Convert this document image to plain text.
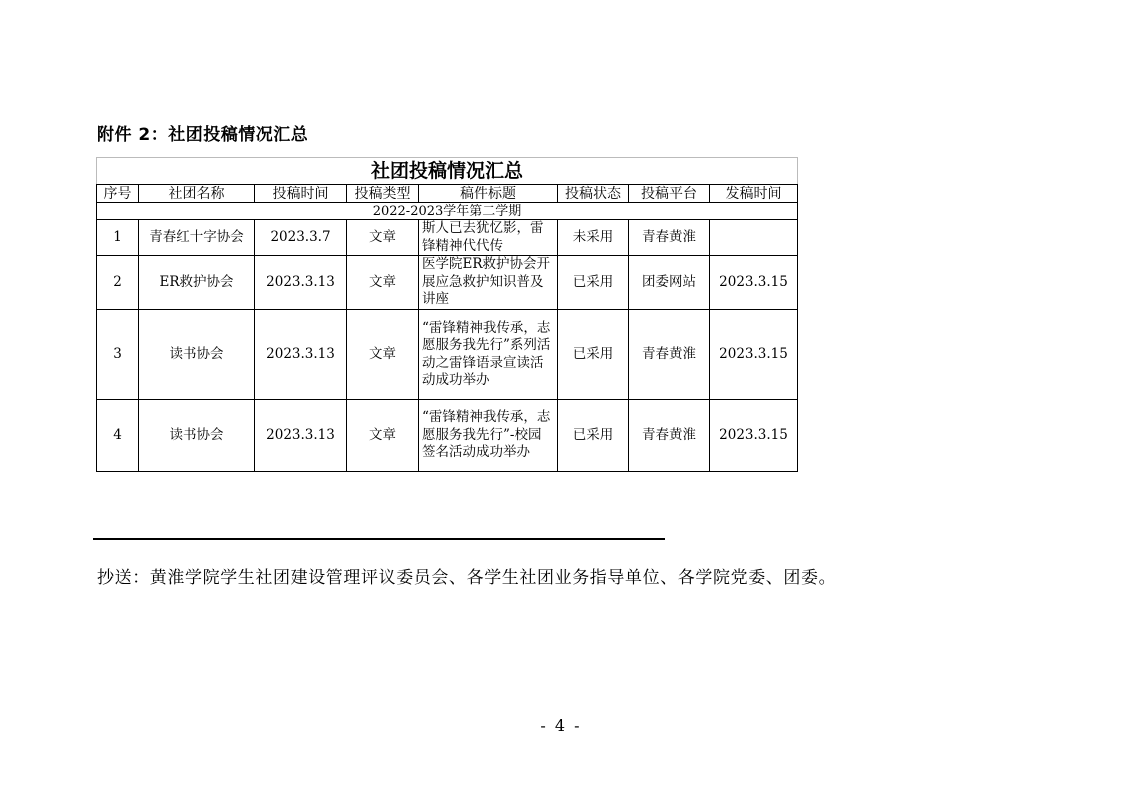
附件 2：社团投稿情况汇总
社团投稿情况汇总							
序号	社团名称	投稿时间	投稿类型	稿件标题	投稿状态	投稿平台	发稿时间
2022-2023学年第二学期							
1	青春红十字协会	2023.3.7	文章	斯人已去犹忆影，雷锋精神代代传	未采用	青春黄淮	
2	ER救护协会	2023.3.13	文章	医学院ER救护协会开展应急救护知识普及讲座	已采用	团委网站	2023.3.15
3	读书协会	2023.3.13	文章	“雷锋精神我传承，志愿服务我先行”系列活动之雷锋语录宣读活动成功举办	已采用	青春黄淮	2023.3.15
4	读书协会	2023.3.13	文章	“雷锋精神我传承，志愿服务我先行”-校园签名活动成功举办	已采用	青春黄淮	2023.3.15
抄送：黄淮学院学生社团建设管理评议委员会、各学生社团业务指导单位、各学院党委、团委。
- 4 -
